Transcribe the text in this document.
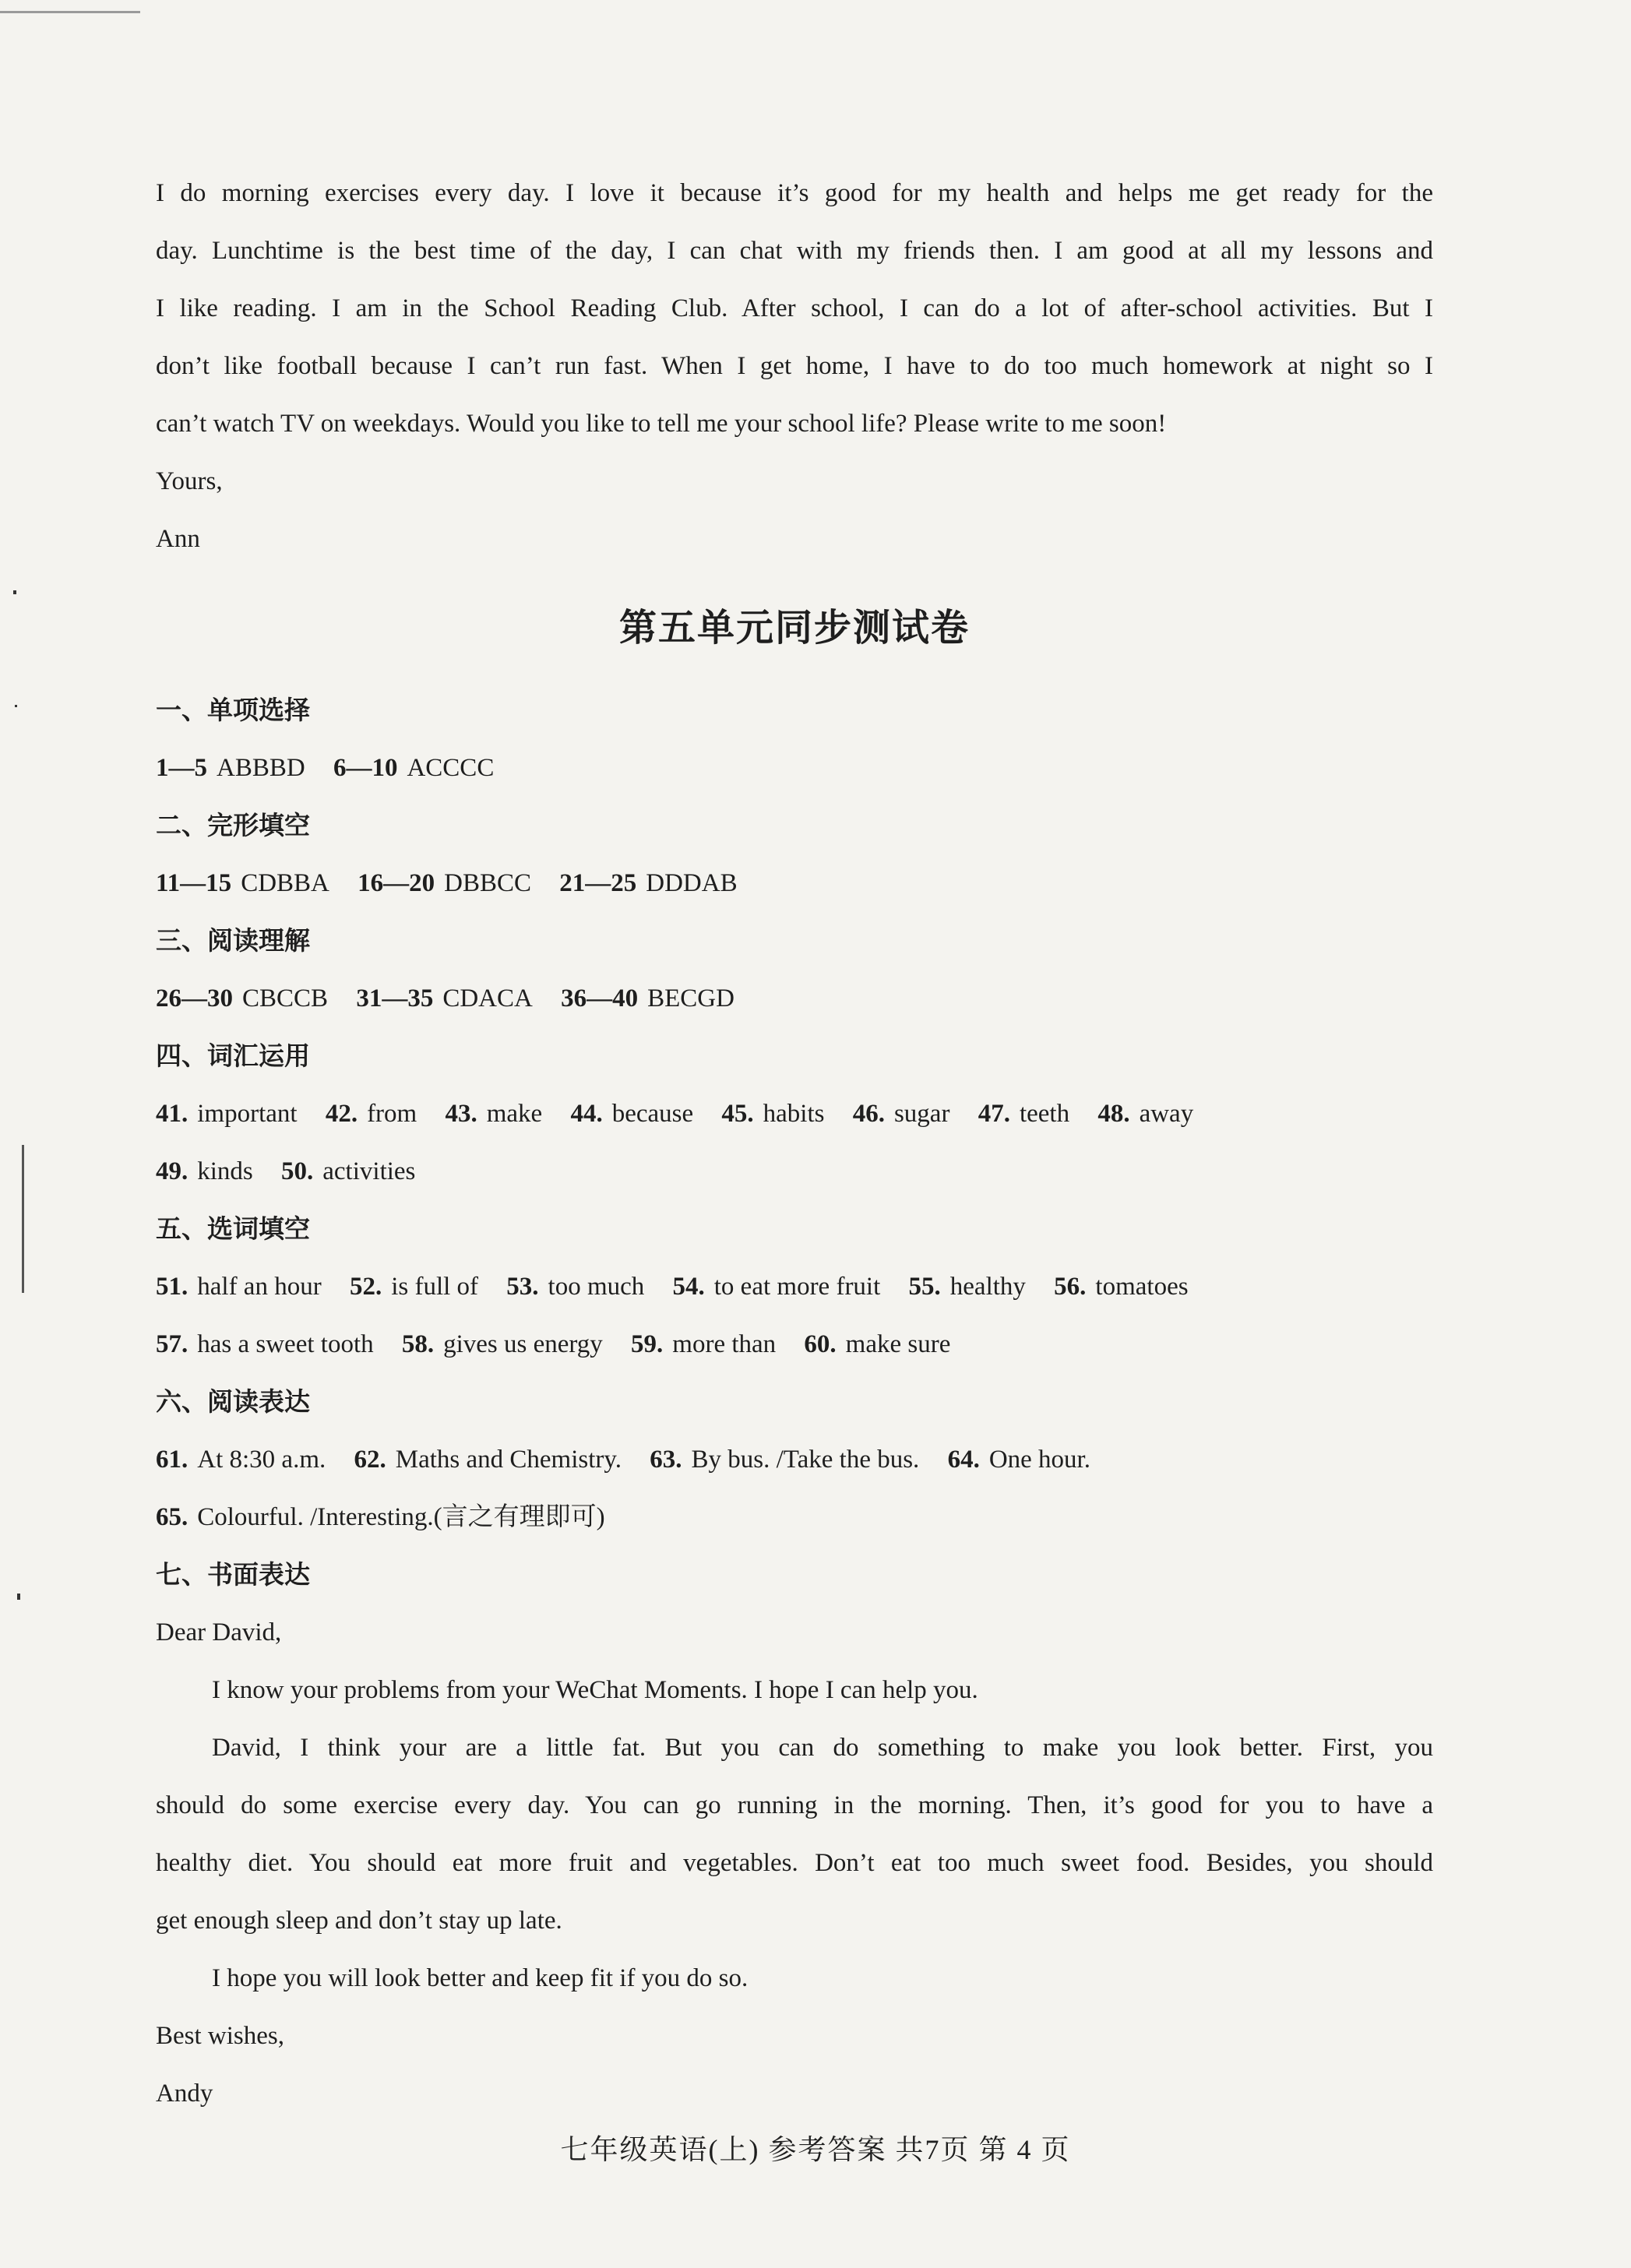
I do morning exercises every day. I love it because it’s good for my health and helps me get ready for the
day. Lunchtime is the best time of the day, I can chat with my friends then. I am good at all my lessons and
I like reading. I am in the School Reading Club. After school, I can do a lot of after-school activities. But I
don’t like football because I can’t run fast. When I get home, I have to do too much homework at night so I
can’t watch TV on weekdays. Would you like to tell me your school life? Please write to me soon!
Yours,
Ann
第五单元同步测试卷
一、单项选择
1—5 ABBBD 6—10 ACCCC
二、完形填空
11—15 CDBBA 16—20 DBBCC 21—25 DDDAB
三、阅读理解
26—30 CBCCB 31—35 CDACA 36—40 BECGD
四、词汇运用
41. important 42. from 43. make 44. because 45. habits 46. sugar 47. teeth 48. away
49. kinds 50. activities
五、选词填空
51. half an hour 52. is full of 53. too much 54. to eat more fruit 55. healthy 56. tomatoes
57. has a sweet tooth 58. gives us energy 59. more than 60. make sure
六、阅读表达
61. At 8:30 a.m. 62. Maths and Chemistry. 63. By bus. /Take the bus. 64. One hour.
65. Colourful. /Interesting.(言之有理即可)
七、书面表达
Dear David,
I know your problems from your WeChat Moments. I hope I can help you.
David, I think your are a little fat. But you can do something to make you look better. First, you
should do some exercise every day. You can go running in the morning. Then, it’s good for you to have a
healthy diet. You should eat more fruit and vegetables. Don’t eat too much sweet food. Besides, you should
get enough sleep and don’t stay up late.
I hope you will look better and keep fit if you do so.
Best wishes,
Andy
七年级英语(上) 参考答案 共7页 第 4 页
